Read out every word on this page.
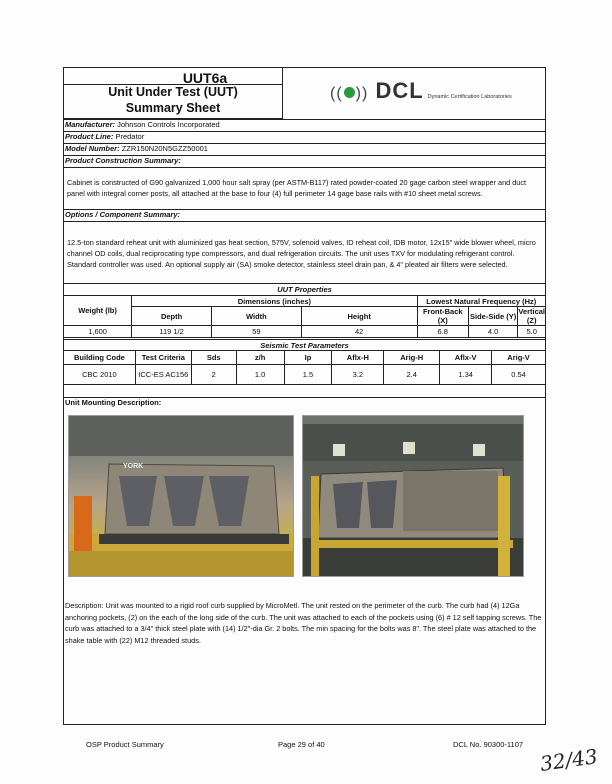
UUT6a
Unit Under Test (UUT)
Summary Sheet
(( )) DCL Dynamic Certification Laboratories
Manufacturer: Johnson Controls Incorporated
Product Line: Predator
Model Number: ZZR150N20N5GZZ50001
Product Construction Summary:
Cabinet is constructed of G90 galvanized 1,000 hour salt spray (per ASTM-B117) rated powder-coated 20 gage carbon steel wrapper and duct panel with integral corner posts, all attached at the base to four (4) full perimeter 14 gage base rails with #10 sheet metal screws.
Options / Component Summary:
12.5-ton standard reheat unit with aluminized gas heat section, 575V, solenoid valves, ID reheat coil, IDB motor, 12x15" wide blower wheel, micro channel OD coils, dual reciprocating type compressors, and dual refrigeration circuits. The unit uses TXV for modulating refrigerant control. Standard controller was used. An optional supply air (SA) smoke detector, stainless steel drain pan, & 4" pleated air filters were selected.
UUT Properties						
Weight (lb)	Dimensions (inches)			Lowest Natural Frequency (Hz)		
	Depth	Width	Height	Front-Back (X)	Side-Side (Y)	Vertical (Z)
1,600	119 1/2	59	42	6.8	4.0	5.0
Seismic Test Parameters								
Building Code	Test Criteria	Sds	z/h	Ip	Aflx-H	Arig-H	Aflx-V	Arig-V
CBC 2010	ICC-ES AC156	2	1.0	1.5	3.2	2.4	1.34	0.54
Unit Mounting Description:
YORK
Description: Unit was mounted to a rigid roof curb supplied by MicroMetl. The unit rested on the perimeter of the curb. The curb had (4) 12Ga anchoring pockets, (2) on the each of the long side of the curb. The unit was attached to each of the pockets using (6) # 12 self tapping screws. The curb was attached to a 3/4" thick steel plate with (14) 1/2"-dia Gr. 2 bolts. The min spacing for the bolts was 8". The steel plate was attached to the shake table with (22) M12 threaded studs.
OSP Product Summary	Page 29 of 40	DCL No. 90300-1107 32/43
